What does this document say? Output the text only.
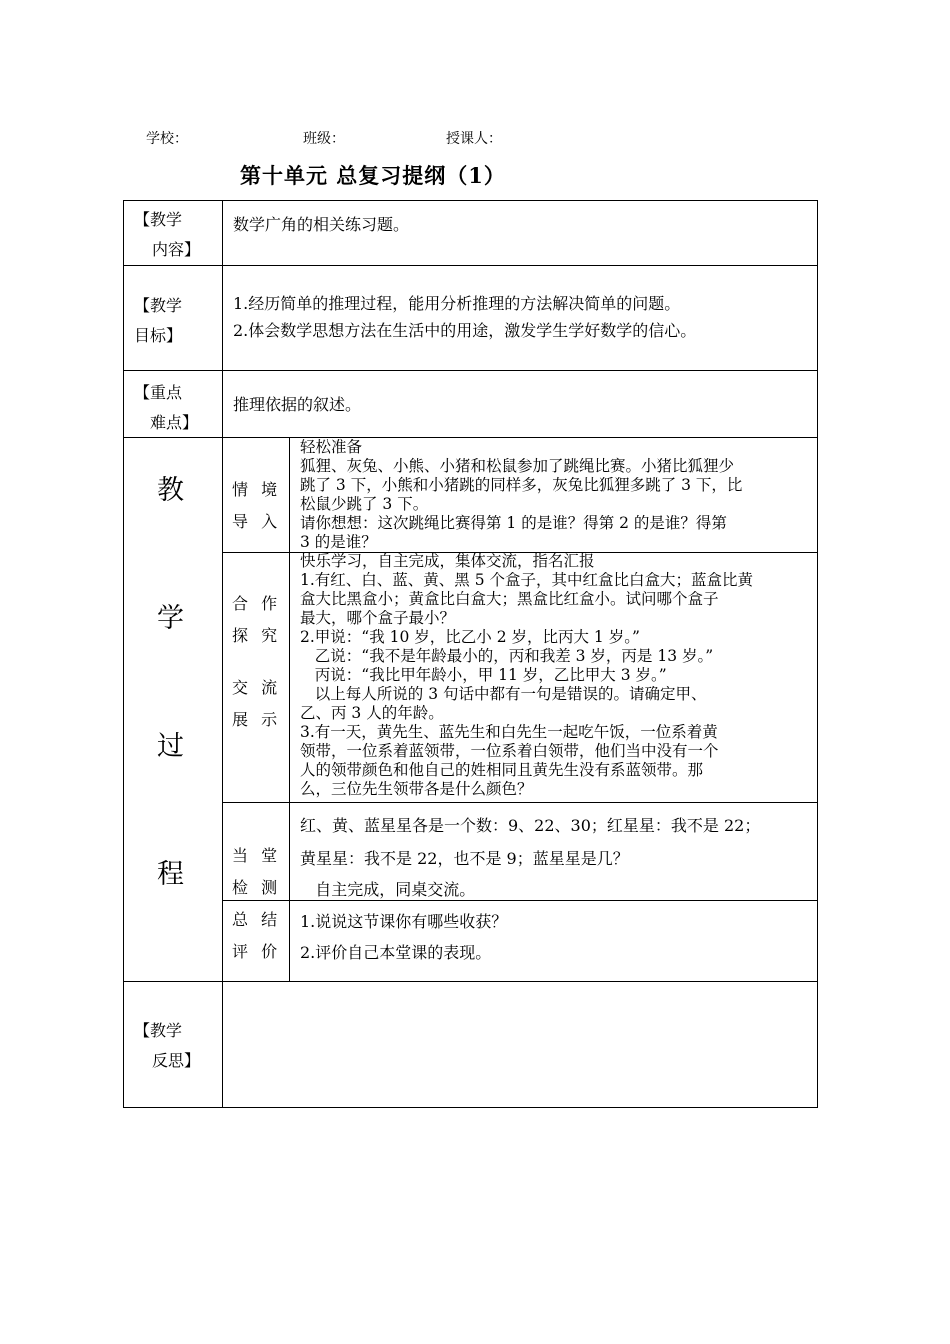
学校：	班级：	授课人：
第十单元 总复习提纲（1）
【教学
内容】
数学广角的相关练习题。
【教学
目标】
1.经历简单的推理过程，能用分析推理的方法解决简单的问题。
2.体会数学思想方法在生活中的用途，激发学生学好数学的信心。
【重点
难点】
推理依据的叙述。
教
学
过
程
情 境
导 入
轻松准备
狐狸、灰兔、小熊、小猪和松鼠参加了跳绳比赛。小猪比狐狸少
跳了 3 下，小熊和小猪跳的同样多，灰兔比狐狸多跳了 3 下，比
松鼠少跳了 3 下。
请你想想：这次跳绳比赛得第 1 的是谁？得第 2 的是谁？得第
3 的是谁？
合 作
探 究
交 流
展 示
快乐学习，自主完成，集体交流，指名汇报
1.有红、白、蓝、黄、黑 5 个盒子，其中红盒比白盒大；蓝盒比黄
盒大比黑盒小；黄盒比白盒大；黑盒比红盒小。试问哪个盒子
最大，哪个盒子最小？
2.甲说：“我 10 岁，比乙小 2 岁，比丙大 1 岁。”
乙说：“我不是年龄最小的，丙和我差 3 岁，丙是 13 岁。”
丙说：“我比甲年龄小，甲 11 岁，乙比甲大 3 岁。”
以上每人所说的 3 句话中都有一句是错误的。请确定甲、
乙、丙 3 人的年龄。
3.有一天，黄先生、蓝先生和白先生一起吃午饭，一位系着黄
领带，一位系着蓝领带，一位系着白领带，他们当中没有一个
人的领带颜色和他自己的姓相同且黄先生没有系蓝领带。那
么，三位先生领带各是什么颜色？
当 堂
检 测
红、黄、蓝星星各是一个数：9、22、30；红星星：我不是 22；
黄星星：我不是 22，也不是 9；蓝星星是几？
自主完成，同桌交流。
总 结
评 价
1.说说这节课你有哪些收获？
2.评价自己本堂课的表现。
【教学
反思】
